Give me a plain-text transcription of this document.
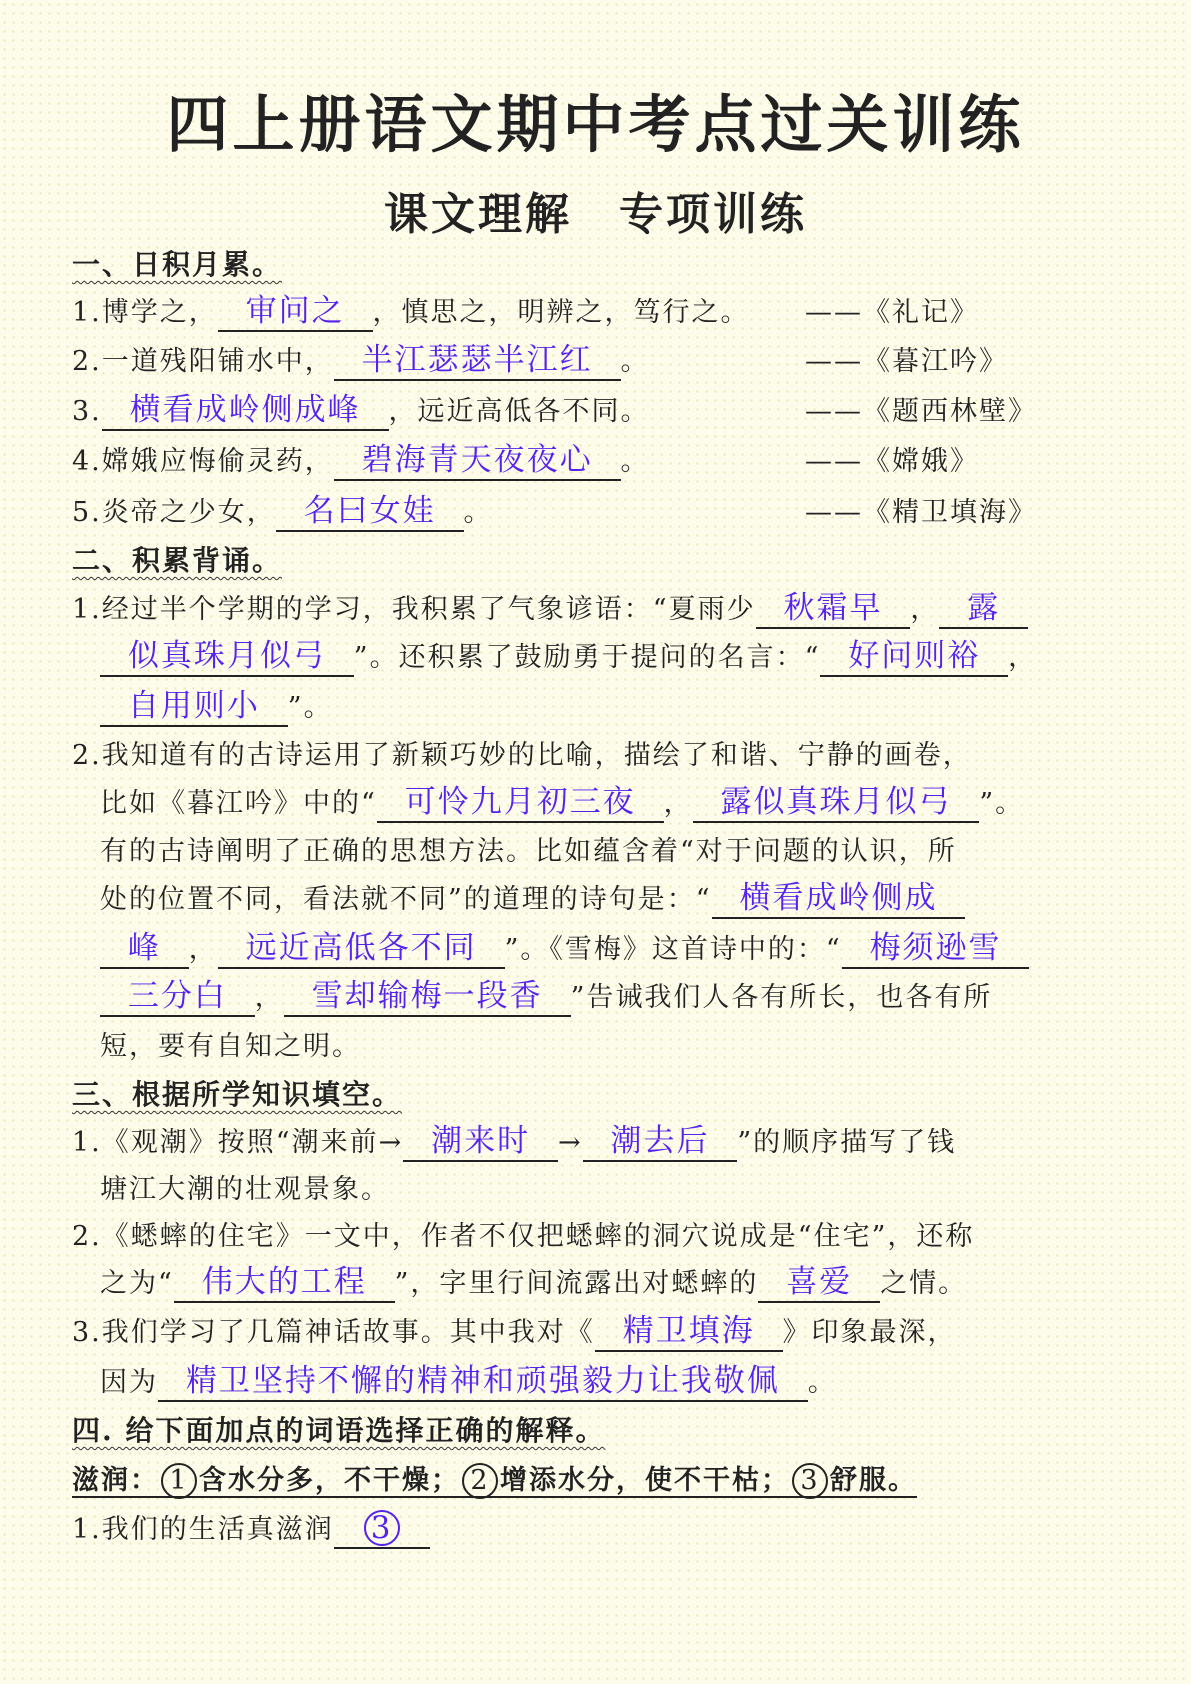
四上册语文期中考点过关训练
课文理解　专项训练
一、日积月累。
1.博学之， 审问之 ，慎思之，明辨之，笃行之。 ——《礼记》
2.一道残阳铺水中， 半江瑟瑟半江红 。	——《暮江吟》
3. 横看成岭侧成峰 ，远近高低各不同。	——《题西林壁》
4.嫦娥应悔偷灵药， 碧海青天夜夜心 。	——《嫦娥》
5.炎帝之少女， 名曰女娃 。	——《精卫填海》
二、积累背诵。
1.经过半个学期的学习，我积累了气象谚语：“夏雨少 秋霜早 ， 露
似真珠月似弓 ”。还积累了鼓励勇于提问的名言：“ 好问则裕 ，
自用则小 ”。
2.我知道有的古诗运用了新颖巧妙的比喻，描绘了和谐、宁静的画卷，
比如《暮江吟》中的“ 可怜九月初三夜 ， 露似真珠月似弓 ”。
有的古诗阐明了正确的思想方法。比如蕴含着“对于问题的认识，所
处的位置不同，看法就不同”的道理的诗句是：“ 横看成岭侧成
峰 ， 远近高低各不同 ”。《雪梅》这首诗中的：“ 梅须逊雪
三分白 ， 雪却输梅一段香 ”告诫我们人各有所长，也各有所
短，要有自知之明。
三、根据所学知识填空。
1.《观潮》按照“潮来前→ 潮来时 → 潮去后 ”的顺序描写了钱
塘江大潮的壮观景象。
2.《蟋蟀的住宅》一文中，作者不仅把蟋蟀的洞穴说成是“住宅”，还称
之为“ 伟大的工程 ”，字里行间流露出对蟋蟀的 喜爱 之情。
3.我们学习了几篇神话故事。其中我对《 精卫填海 》印象最深，
因为 精卫坚持不懈的精神和顽强毅力让我敬佩 。
四. 给下面加点的词语选择正确的解释。
滋润： 1 含水分多，不干燥； 2 增添水分，使不干枯； 3 舒服。
1.我们的生活真滋润 3
